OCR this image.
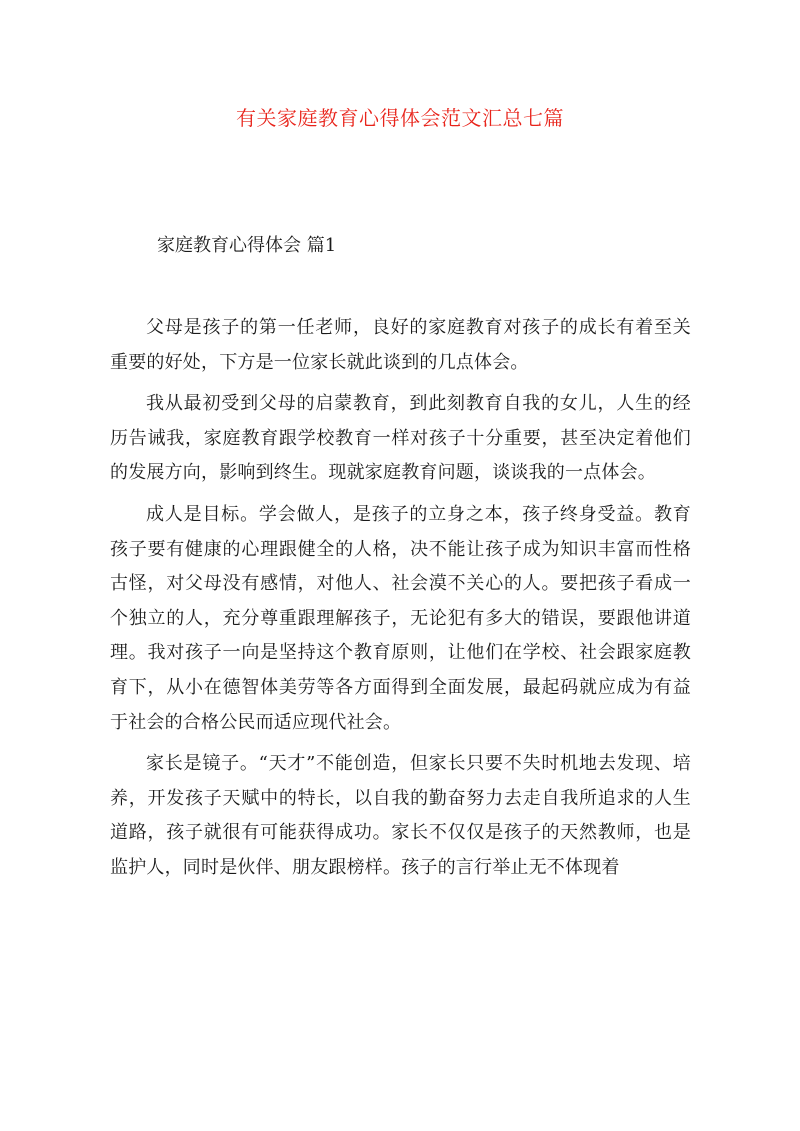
有关家庭教育心得体会范文汇总七篇
家庭教育心得体会 篇1

父母是孩子的第一任老师，良好的家庭教育对孩子的成长有着至关重要的好处，下方是一位家长就此谈到的几点体会。

我从最初受到父母的启蒙教育，到此刻教育自我的女儿，人生的经历告诫我，家庭教育跟学校教育一样对孩子十分重要，甚至决定着他们的发展方向，影响到终生。现就家庭教育问题，谈谈我的一点体会。

成人是目标。学会做人，是孩子的立身之本，孩子终身受益。教育孩子要有健康的心理跟健全的人格，决不能让孩子成为知识丰富而性格古怪，对父母没有感情，对他人、社会漠不关心的人。要把孩子看成一个独立的人，充分尊重跟理解孩子，无论犯有多大的错误，要跟他讲道理。我对孩子一向是坚持这个教育原则，让他们在学校、社会跟家庭教育下，从小在德智体美劳等各方面得到全面发展，最起码就应成为有益于社会的合格公民而适应现代社会。

家长是镜子。“天才”不能创造，但家长只要不失时机地去发现、培养，开发孩子天赋中的特长，以自我的勤奋努力去走自我所追求的人生道路，孩子就很有可能获得成功。家长不仅仅是孩子的天然教师，也是监护人，同时是伙伴、朋友跟榜样。孩子的言行举止无不体现着
